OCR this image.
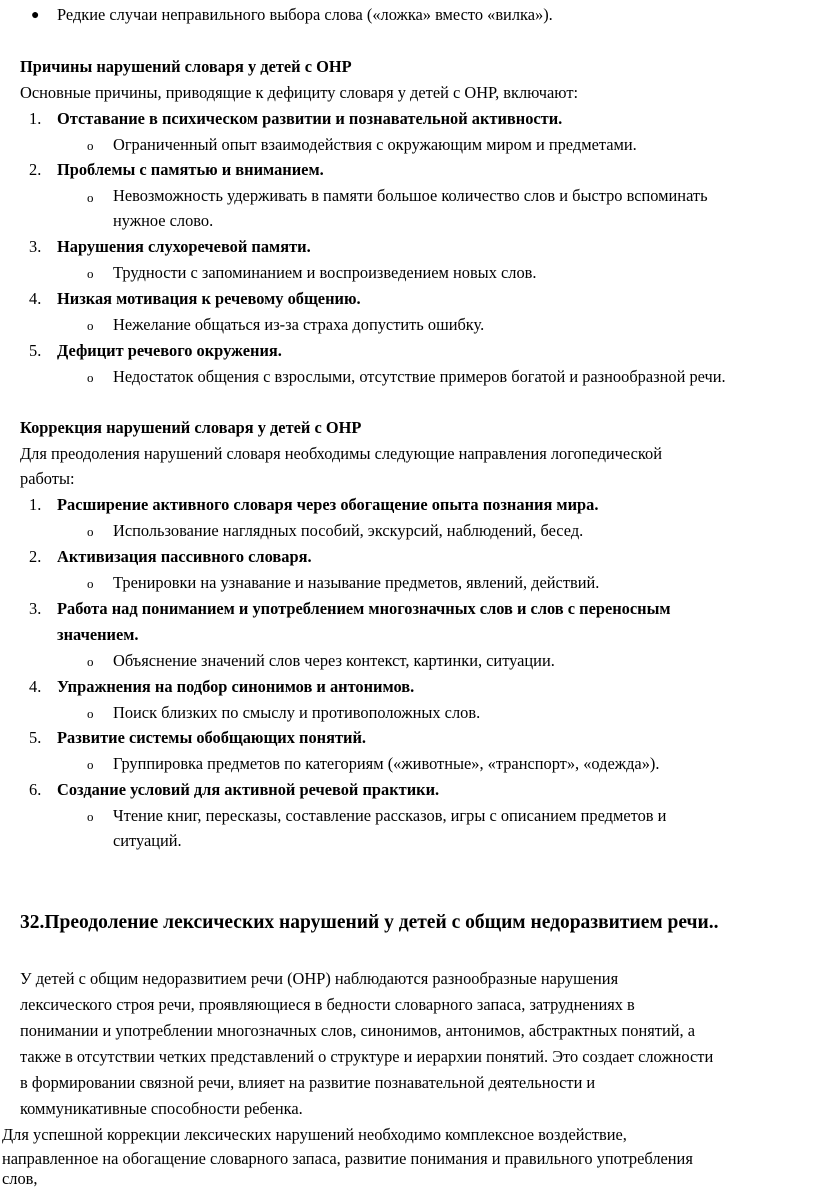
● Редкие случаи неправильного выбора слова («ложка» вместо «вилка»).
Причины нарушений словаря у детей с ОНР
Основные причины, приводящие к дефициту словаря у детей с ОНР, включают:
1. Отставание в психическом развитии и познавательной активности.
o Ограниченный опыт взаимодействия с окружающим миром и предметами.
2. Проблемы с памятью и вниманием.
o Невозможность удерживать в памяти большое количество слов и быстро вспоминать
нужное слово.
3. Нарушения слухоречевой памяти.
o Трудности с запоминанием и воспроизведением новых слов.
4. Низкая мотивация к речевому общению.
o Нежелание общаться из-за страха допустить ошибку.
5. Дефицит речевого окружения.
o Недостаток общения с взрослыми, отсутствие примеров богатой и разнообразной речи.
Коррекция нарушений словаря у детей с ОНР
Для преодоления нарушений словаря необходимы следующие направления логопедической
работы:
1. Расширение активного словаря через обогащение опыта познания мира.
o Использование наглядных пособий, экскурсий, наблюдений, бесед.
2. Активизация пассивного словаря.
o Тренировки на узнавание и называние предметов, явлений, действий.
3. Работа над пониманием и употреблением многозначных слов и слов с переносным
значением.
o Объяснение значений слов через контекст, картинки, ситуации.
4. Упражнения на подбор синонимов и антонимов.
o Поиск близких по смыслу и противоположных слов.
5. Развитие системы обобщающих понятий.
o Группировка предметов по категориям («животные», «транспорт», «одежда»).
6. Создание условий для активной речевой практики.
o Чтение книг, пересказы, составление рассказов, игры с описанием предметов и
ситуаций.
32.Преодоление лексических нарушений у детей с общим недоразвитием речи..
У детей с общим недоразвитием речи (ОНР) наблюдаются разнообразные нарушения
лексического строя речи, проявляющиеся в бедности словарного запаса, затруднениях в
понимании и употреблении многозначных слов, синонимов, антонимов, абстрактных понятий, а
также в отсутствии четких представлений о структуре и иерархии понятий. Это создает сложности
в формировании связной речи, влияет на развитие познавательной деятельности и
коммуникативные способности ребенка.
Для успешной коррекции лексических нарушений необходимо комплексное воздействие,
направленное на обогащение словарного запаса, развитие понимания и правильного употребления
слов,
